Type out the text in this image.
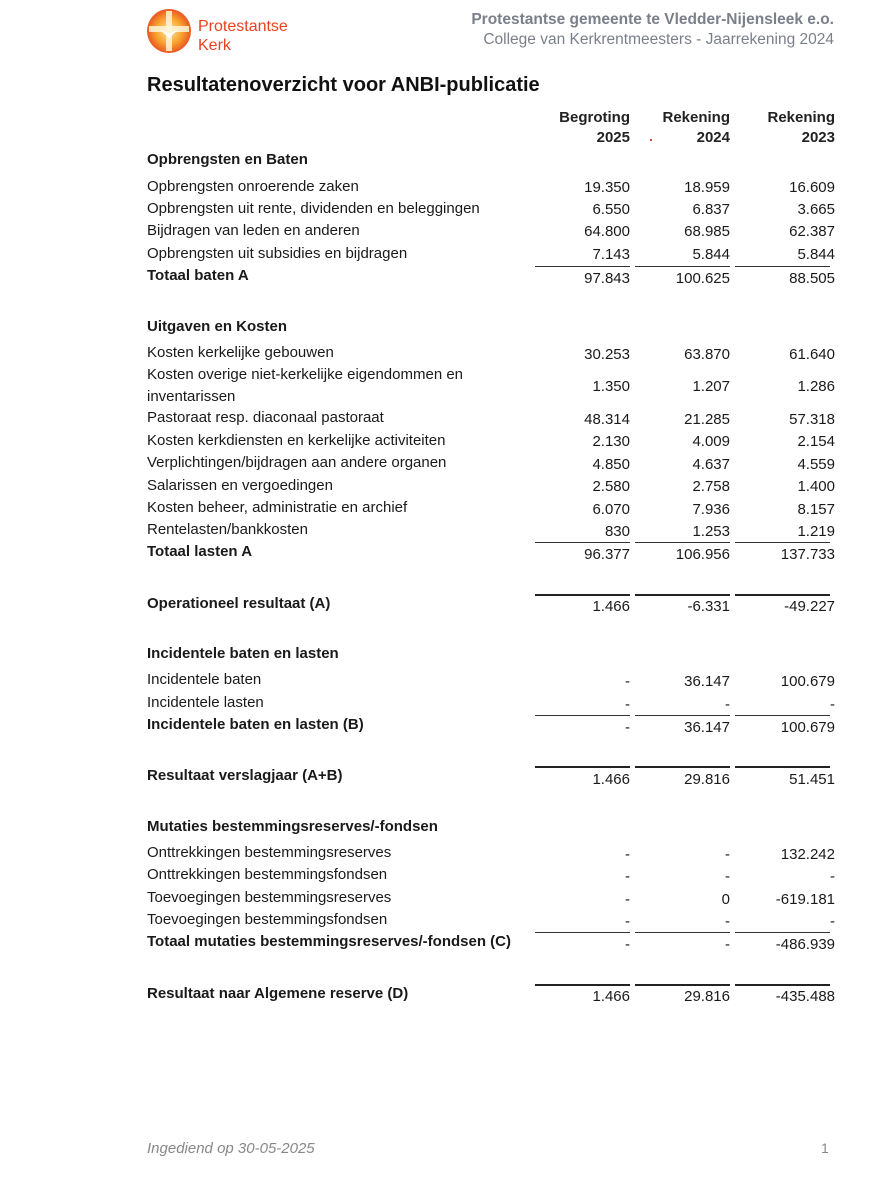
Protestantse
Kerk
Protestantse gemeente te Vledder-Nijensleek e.o.
College van Kerkrentmeesters - Jaarrekening 2024
Resultatenoverzicht voor ANBI-publicatie
Begroting
2025
Rekening
2024
Rekening
2023
Opbrengsten en Baten
Opbrengsten onroerende zaken	19.350	18.959	16.609
Opbrengsten uit rente, dividenden en beleggingen	6.550	6.837	3.665
Bijdragen van leden en anderen	64.800	68.985	62.387
Opbrengsten uit subsidies en bijdragen	7.143	5.844	5.844
Totaal baten A	97.843	100.625	88.505
Uitgaven en Kosten
Kosten kerkelijke gebouwen	30.253	63.870	61.640
Kosten overige niet-kerkelijke eigendommen en inventarissen
1.350	1.207	1.286
Pastoraat resp. diaconaal pastoraat	48.314	21.285	57.318
Kosten kerkdiensten en kerkelijke activiteiten	2.130	4.009	2.154
Verplichtingen/bijdragen aan andere organen	4.850	4.637	4.559
Salarissen en vergoedingen	2.580	2.758	1.400
Kosten beheer, administratie en archief	6.070	7.936	8.157
Rentelasten/bankkosten	830	1.253	1.219
Totaal lasten A	96.377	106.956	137.733
Operationeel resultaat (A)	1.466	-6.331	-49.227
Incidentele baten en lasten
Incidentele baten	-	36.147	100.679
Incidentele lasten	-	-	-
Incidentele baten en lasten (B)	-	36.147	100.679
Resultaat verslagjaar (A+B)	1.466	29.816	51.451
Mutaties bestemmingsreserves/-fondsen
Onttrekkingen bestemmingsreserves	-	-	132.242
Onttrekkingen bestemmingsfondsen	-	-	-
Toevoegingen bestemmingsreserves	-	0	-619.181
Toevoegingen bestemmingsfondsen	-	-	-
Totaal mutaties bestemmingsreserves/-fondsen (C)	-	-	-486.939
Resultaat naar Algemene reserve (D)	1.466	29.816	-435.488
Ingediend op 30-05-2025	1
